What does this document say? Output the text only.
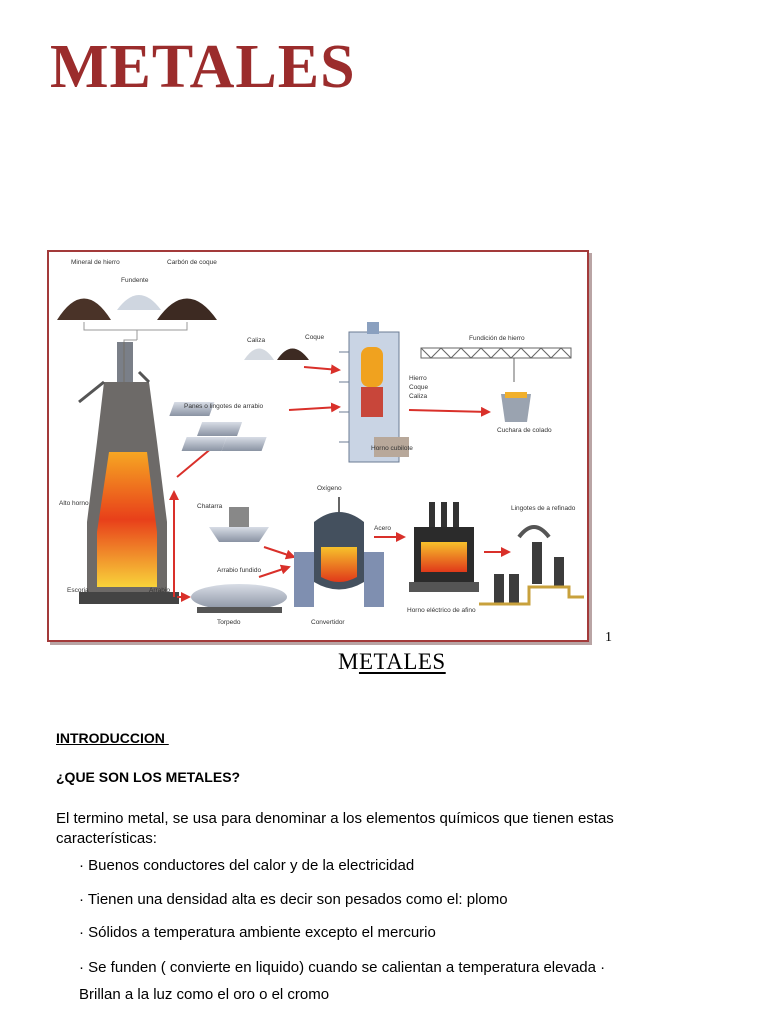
METALES
Mineral de hierro
Fundente
Carbón de coque
Caliza	Coque	Fundición de hierro
Panes o lingotes de arrabio
Hierro
Coque
Caliza
Horno cubilote
Cuchara de colado
Alto horno	Chatarra
Oxígeno
Acero
Lingotes de a refinado
Escoria	Arrabio
Arrabio fundido
Torpedo	Convertidor
Horno eléctrico de afino
1
METALES
INTRODUCCION
¿QUE SON LOS METALES?
El termino metal, se usa para denominar a los elementos químicos que tienen estas características:
· Buenos conductores del calor y de la electricidad
· Tienen una densidad alta es decir son pesados como el: plomo
· Sólidos a temperatura ambiente excepto el mercurio
· Se funden ( convierte en liquido) cuando se calientan a temperatura elevada · Brillan a la luz como el oro o el cromo
